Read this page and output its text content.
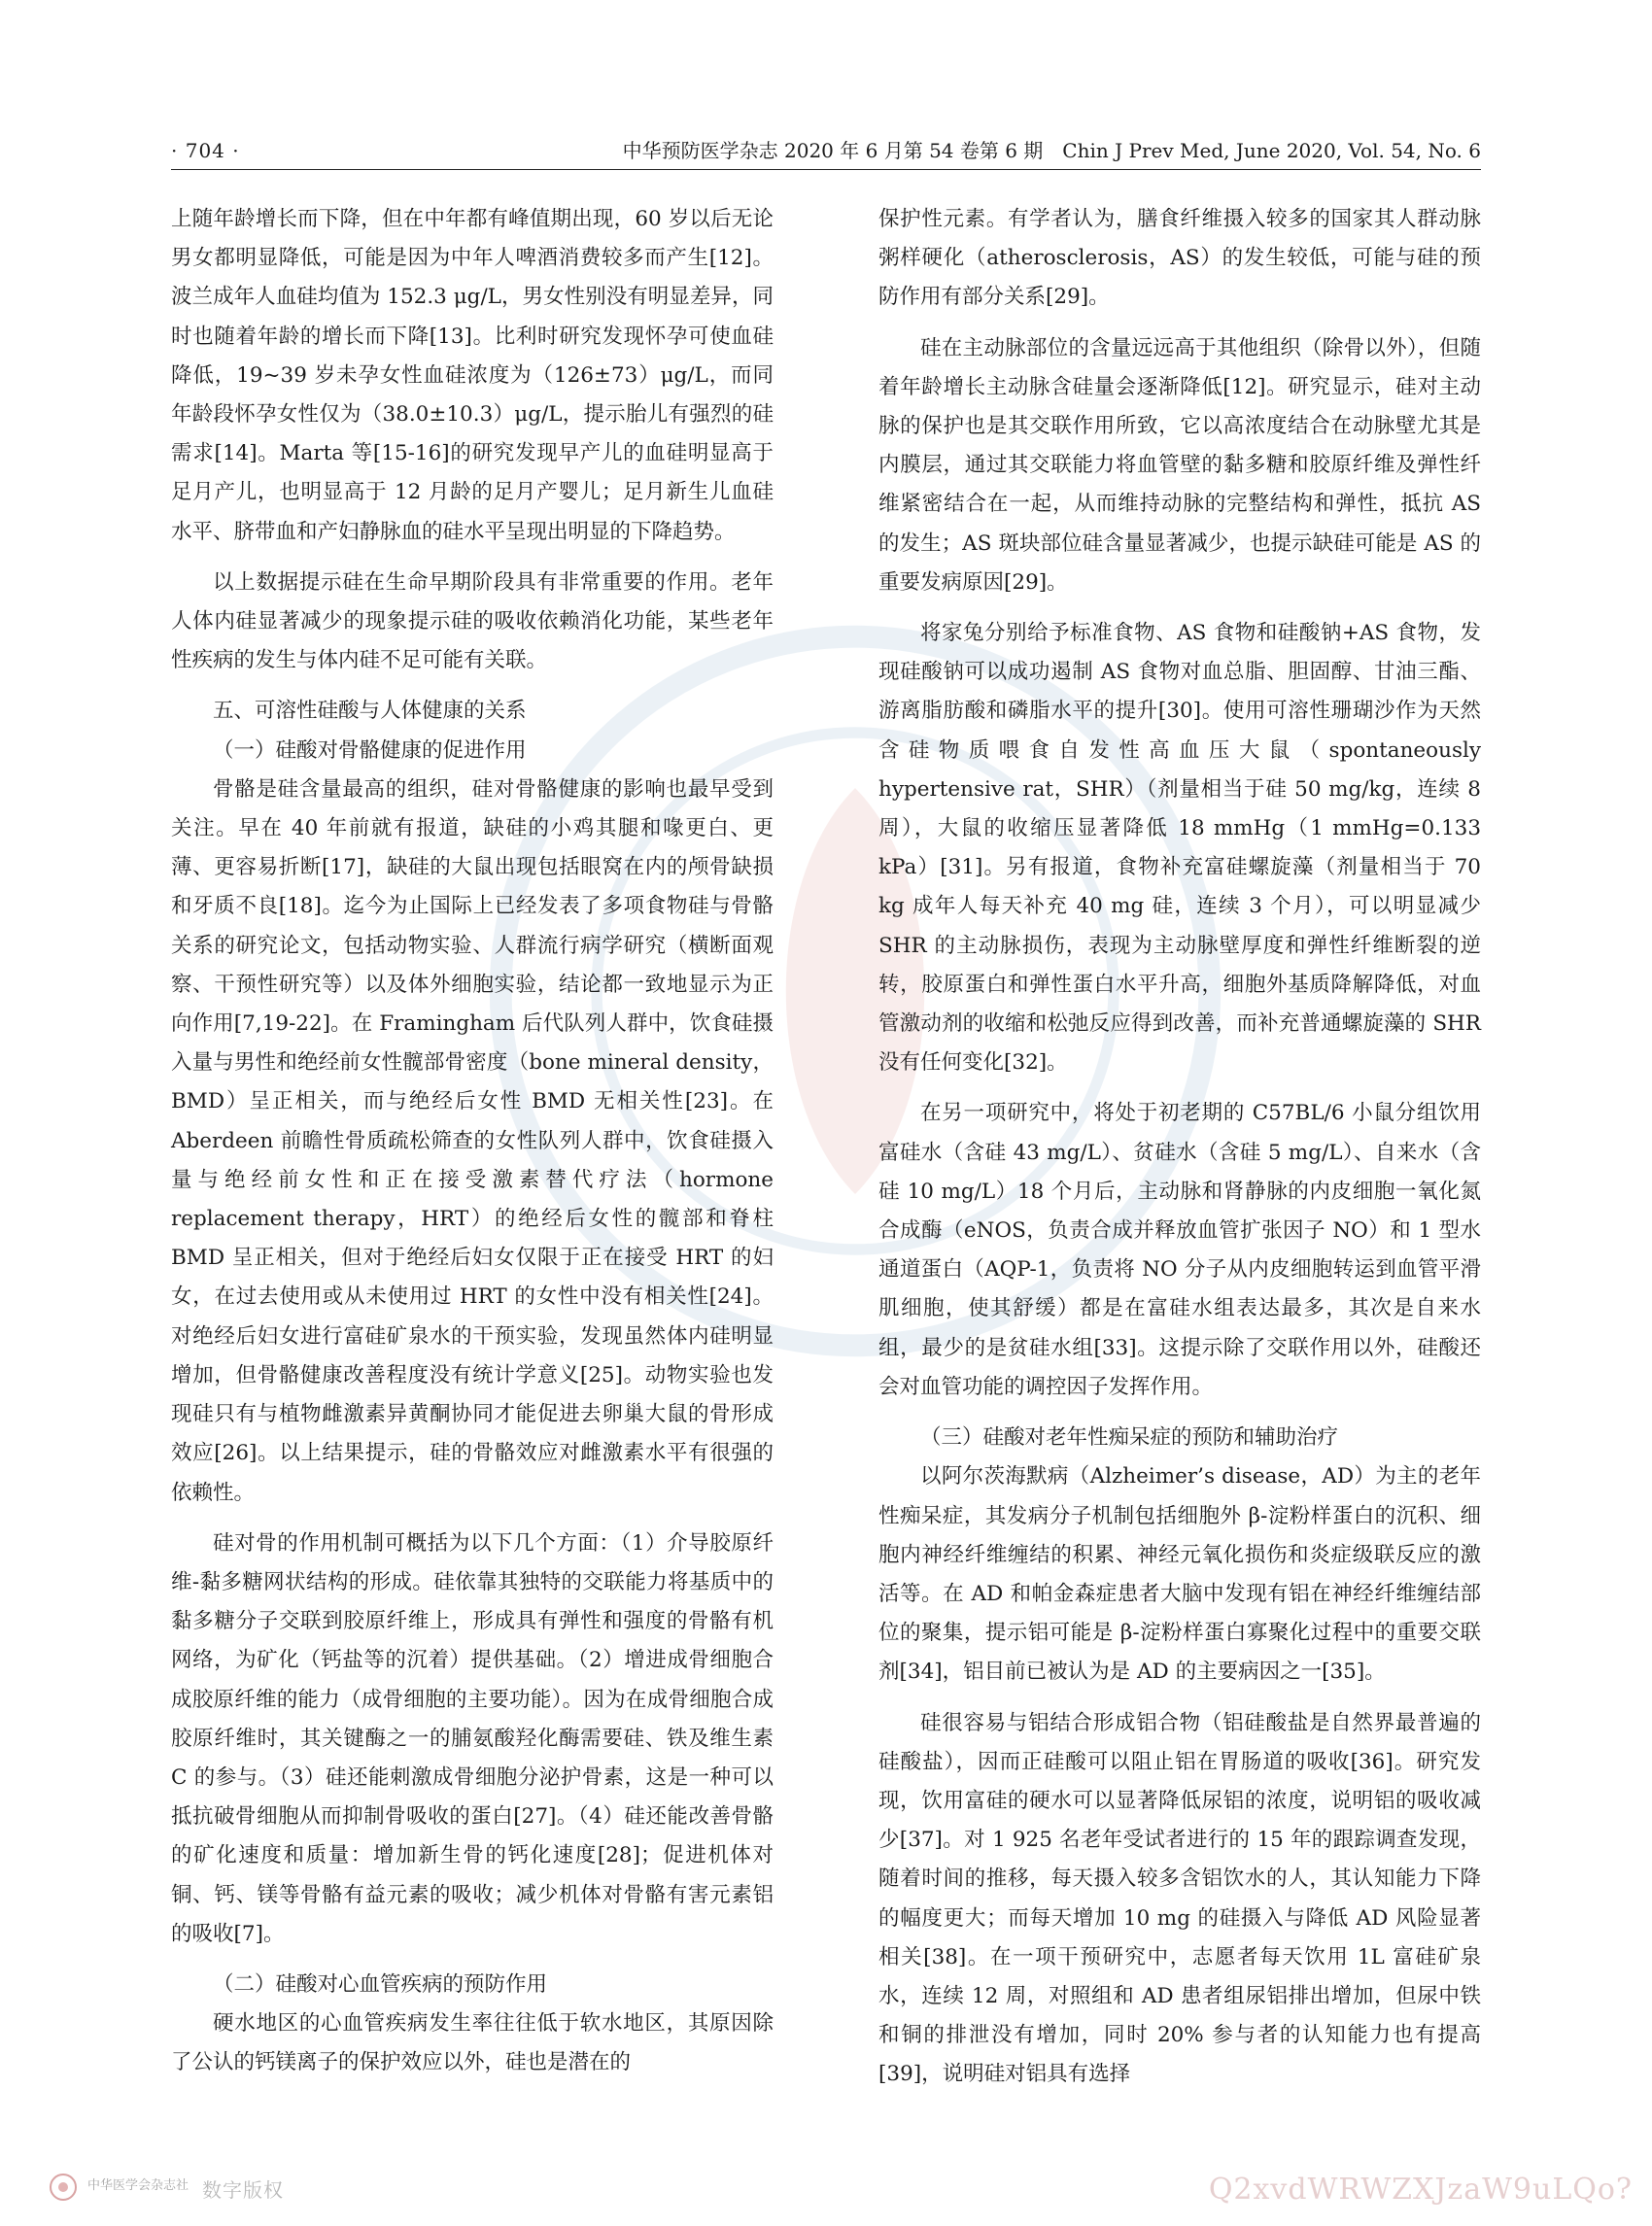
· 704 ·	中华预防医学杂志 2020 年 6 月第 54 卷第 6 期　Chin J Prev Med, June 2020, Vol. 54, No. 6

上随年龄增长而下降，但在中年都有峰值期出现，60 岁以后无论男女都明显降低，可能是因为中年人啤酒消费较多而产生[12]。波兰成年人血硅均值为 152.3 μg/L，男女性别没有明显差异，同时也随着年龄的增长而下降[13]。比利时研究发现怀孕可使血硅降低，19~39 岁未孕女性血硅浓度为（126±73）μg/L，而同年龄段怀孕女性仅为（38.0±10.3）μg/L，提示胎儿有强烈的硅需求[14]。Marta 等[15-16]的研究发现早产儿的血硅明显高于足月产儿，也明显高于 12 月龄的足月产婴儿；足月新生儿血硅水平、脐带血和产妇静脉血的硅水平呈现出明显的下降趋势。

以上数据提示硅在生命早期阶段具有非常重要的作用。老年人体内硅显著减少的现象提示硅的吸收依赖消化功能，某些老年性疾病的发生与体内硅不足可能有关联。

五、可溶性硅酸与人体健康的关系

（一）硅酸对骨骼健康的促进作用

骨骼是硅含量最高的组织，硅对骨骼健康的影响也最早受到关注。早在 40 年前就有报道，缺硅的小鸡其腿和喙更白、更薄、更容易折断[17]，缺硅的大鼠出现包括眼窝在内的颅骨缺损和牙质不良[18]。迄今为止国际上已经发表了多项食物硅与骨骼关系的研究论文，包括动物实验、人群流行病学研究（横断面观察、干预性研究等）以及体外细胞实验，结论都一致地显示为正向作用[7,19-22]。在 Framingham 后代队列人群中，饮食硅摄入量与男性和绝经前女性髋部骨密度（bone mineral density，BMD）呈正相关，而与绝经后女性 BMD 无相关性[23]。在 Aberdeen 前瞻性骨质疏松筛查的女性队列人群中，饮食硅摄入量与绝经前女性和正在接受激素替代疗法（hormone replacement therapy，HRT）的绝经后女性的髋部和脊柱 BMD 呈正相关，但对于绝经后妇女仅限于正在接受 HRT 的妇女，在过去使用或从未使用过 HRT 的女性中没有相关性[24]。对绝经后妇女进行富硅矿泉水的干预实验，发现虽然体内硅明显增加，但骨骼健康改善程度没有统计学意义[25]。动物实验也发现硅只有与植物雌激素异黄酮协同才能促进去卵巢大鼠的骨形成效应[26]。以上结果提示，硅的骨骼效应对雌激素水平有很强的依赖性。

硅对骨的作用机制可概括为以下几个方面：（1）介导胶原纤维-黏多糖网状结构的形成。硅依靠其独特的交联能力将基质中的黏多糖分子交联到胶原纤维上，形成具有弹性和强度的骨骼有机网络，为矿化（钙盐等的沉着）提供基础。（2）增进成骨细胞合成胶原纤维的能力（成骨细胞的主要功能）。因为在成骨细胞合成胶原纤维时，其关键酶之一的脯氨酸羟化酶需要硅、铁及维生素 C 的参与。（3）硅还能刺激成骨细胞分泌护骨素，这是一种可以抵抗破骨细胞从而抑制骨吸收的蛋白[27]。（4）硅还能改善骨骼的矿化速度和质量：增加新生骨的钙化速度[28]；促进机体对铜、钙、镁等骨骼有益元素的吸收；减少机体对骨骼有害元素铝的吸收[7]。

（二）硅酸对心血管疾病的预防作用

硬水地区的心血管疾病发生率往往低于软水地区，其原因除了公认的钙镁离子的保护效应以外，硅也是潜在的

保护性元素。有学者认为，膳食纤维摄入较多的国家其人群动脉粥样硬化（atherosclerosis，AS）的发生较低，可能与硅的预防作用有部分关系[29]。

硅在主动脉部位的含量远远高于其他组织（除骨以外），但随着年龄增长主动脉含硅量会逐渐降低[12]。研究显示，硅对主动脉的保护也是其交联作用所致，它以高浓度结合在动脉壁尤其是内膜层，通过其交联能力将血管壁的黏多糖和胶原纤维及弹性纤维紧密结合在一起，从而维持动脉的完整结构和弹性，抵抗 AS 的发生；AS 斑块部位硅含量显著减少，也提示缺硅可能是 AS 的重要发病原因[29]。

将家兔分别给予标准食物、AS 食物和硅酸钠+AS 食物，发现硅酸钠可以成功遏制 AS 食物对血总脂、胆固醇、甘油三酯、游离脂肪酸和磷脂水平的提升[30]。使用可溶性珊瑚沙作为天然含硅物质喂食自发性高血压大鼠（spontaneously hypertensive rat，SHR）（剂量相当于硅 50 mg/kg，连续 8 周），大鼠的收缩压显著降低 18 mmHg（1 mmHg=0.133 kPa）[31]。另有报道，食物补充富硅螺旋藻（剂量相当于 70 kg 成年人每天补充 40 mg 硅，连续 3 个月），可以明显减少 SHR 的主动脉损伤，表现为主动脉壁厚度和弹性纤维断裂的逆转，胶原蛋白和弹性蛋白水平升高，细胞外基质降解降低，对血管激动剂的收缩和松弛反应得到改善，而补充普通螺旋藻的 SHR 没有任何变化[32]。

在另一项研究中，将处于初老期的 C57BL/6 小鼠分组饮用富硅水（含硅 43 mg/L）、贫硅水（含硅 5 mg/L）、自来水（含硅 10 mg/L）18 个月后，主动脉和肾静脉的内皮细胞一氧化氮合成酶（eNOS，负责合成并释放血管扩张因子 NO）和 1 型水通道蛋白（AQP-1，负责将 NO 分子从内皮细胞转运到血管平滑肌细胞，使其舒缓）都是在富硅水组表达最多，其次是自来水组，最少的是贫硅水组[33]。这提示除了交联作用以外，硅酸还会对血管功能的调控因子发挥作用。

（三）硅酸对老年性痴呆症的预防和辅助治疗

以阿尔茨海默病（Alzheimer’s disease，AD）为主的老年性痴呆症，其发病分子机制包括细胞外 β-淀粉样蛋白的沉积、细胞内神经纤维缠结的积累、神经元氧化损伤和炎症级联反应的激活等。在 AD 和帕金森症患者大脑中发现有铝在神经纤维缠结部位的聚集，提示铝可能是 β-淀粉样蛋白寡聚化过程中的重要交联剂[34]，铝目前已被认为是 AD 的主要病因之一[35]。

硅很容易与铝结合形成铝合物（铝硅酸盐是自然界最普遍的硅酸盐），因而正硅酸可以阻止铝在胃肠道的吸收[36]。研究发现，饮用富硅的硬水可以显著降低尿铝的浓度，说明铝的吸收减少[37]。对 1 925 名老年受试者进行的 15 年的跟踪调查发现，随着时间的推移，每天摄入较多含铝饮水的人，其认知能力下降的幅度更大；而每天增加 10 mg 的硅摄入与降低 AD 风险显著相关[38]。在一项干预研究中，志愿者每天饮用 1L 富硅矿泉水，连续 12 周，对照组和 AD 患者组尿铝排出增加，但尿中铁和铜的排泄没有增加，同时 20% 参与者的认知能力也有提高[39]，说明硅对铝具有选择

中华医学会杂志社 数字版权	Q2xvdWRWZXJzaW9uLQo?
